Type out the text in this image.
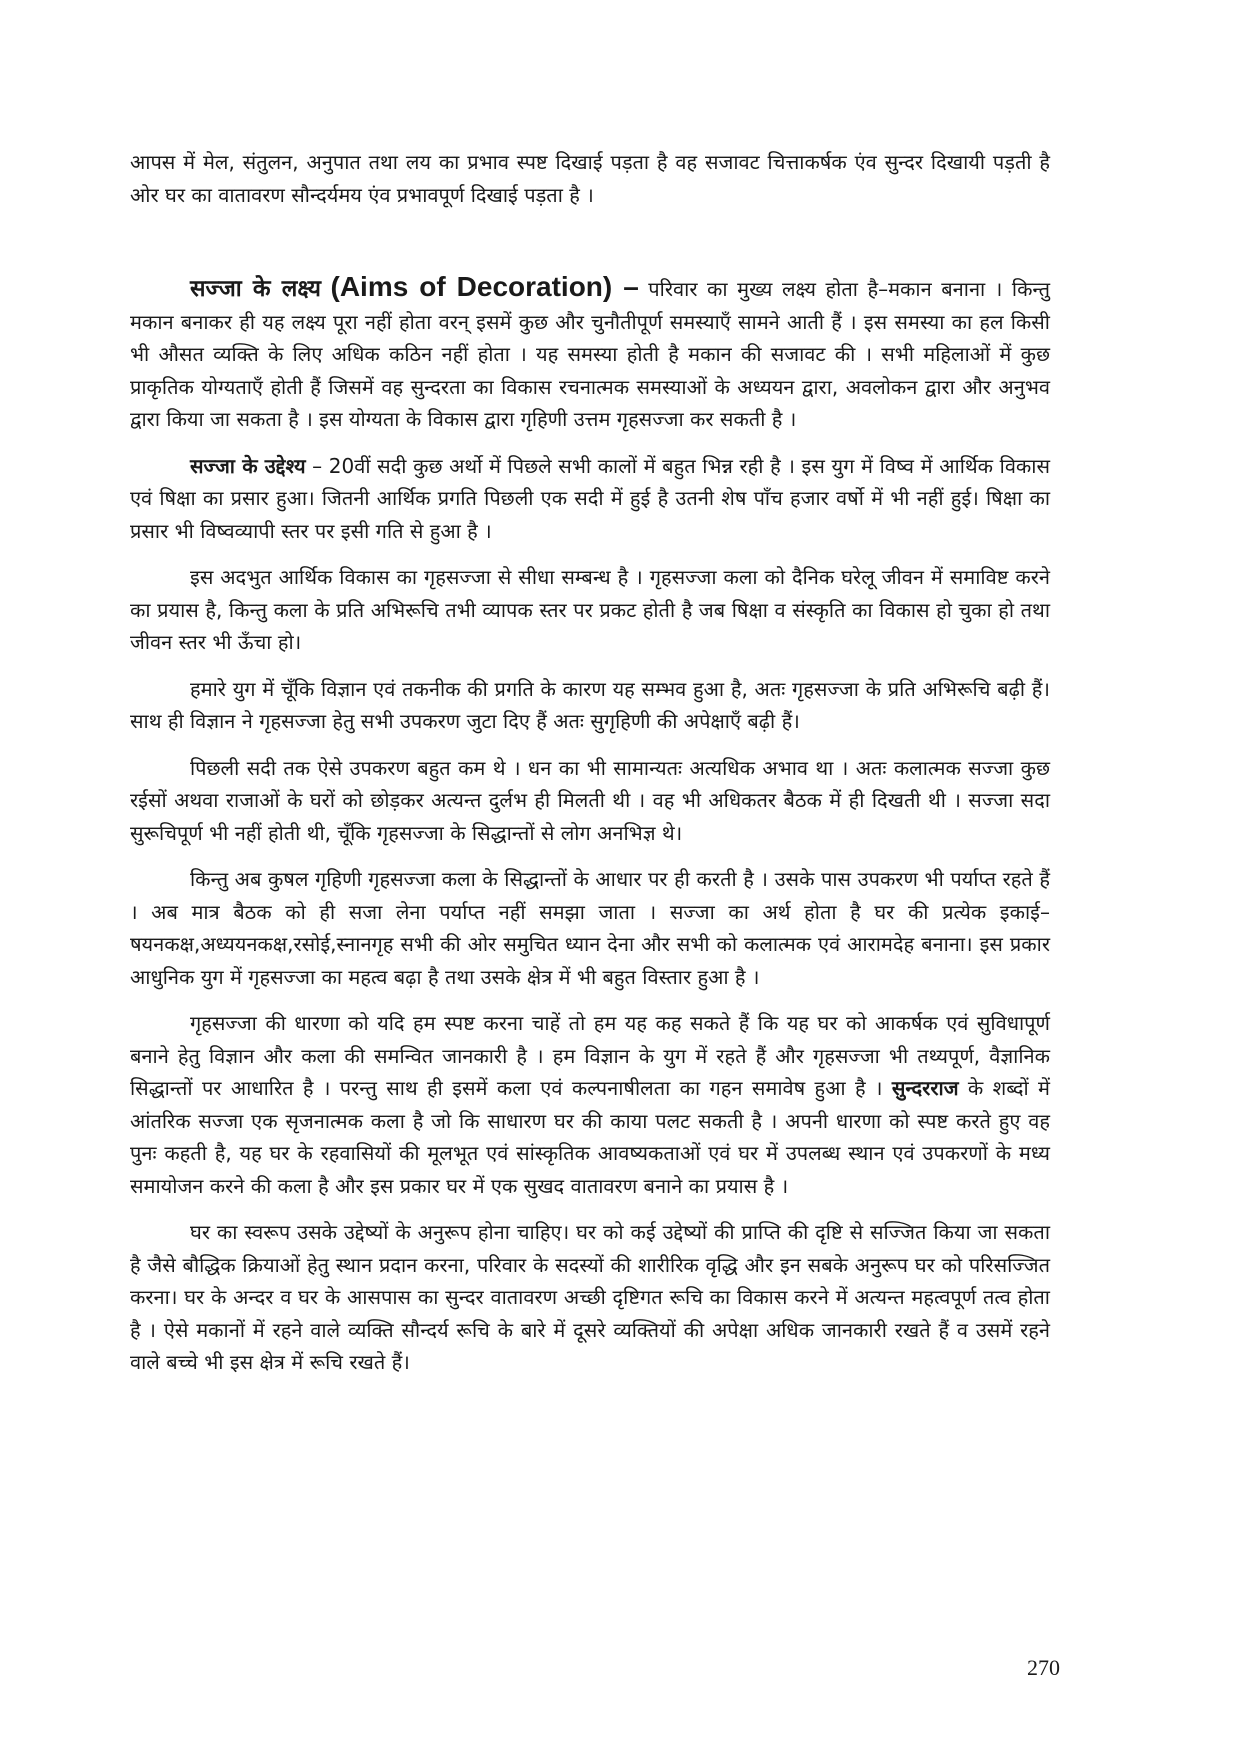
आपस में मेल, संतुलन, अनुपात तथा लय का प्रभाव स्पष्ट दिखाई पड़ता है वह सजावट चित्ताकर्षक एंव सुन्दर दिखायी पड़ती है ओर घर का वातावरण सौन्दर्यमय एंव प्रभावपूर्ण दिखाई पड़ता है ।

सज्जा के लक्ष्य (Aims of Decoration) – परिवार का मुख्य लक्ष्य होता है–मकान बनाना । किन्तु मकान बनाकर ही यह लक्ष्य पूरा नहीं होता वरन् इसमें कुछ और चुनौतीपूर्ण समस्याएँ सामने आती हैं । इस समस्या का हल किसी भी औसत व्यक्ति के लिए अधिक कठिन नहीं होता । यह समस्या होती है मकान की सजावट की । सभी महिलाओं में कुछ प्राकृतिक योग्यताएँ होती हैं जिसमें वह सुन्दरता का विकास रचनात्मक समस्याओं के अध्ययन द्वारा, अवलोकन द्वारा और अनुभव द्वारा किया जा सकता है । इस योग्यता के विकास द्वारा गृहिणी उत्तम गृहसज्जा कर सकती है ।

सज्जा के उद्देश्य – 20वीं सदी कुछ अर्थो में पिछले सभी कालों में बहुत भिन्न रही है । इस युग में विष्व में आर्थिक विकास एवं षिक्षा का प्रसार हुआ। जितनी आर्थिक प्रगति पिछली एक सदी में हुई है उतनी शेष पाँच हजार वर्षो में भी नहीं हुई। षिक्षा का प्रसार भी विष्वव्यापी स्तर पर इसी गति से हुआ है ।

इस अदभुत आर्थिक विकास का गृहसज्जा से सीधा सम्बन्ध है । गृहसज्जा कला को दैनिक घरेलू जीवन में समाविष्ट करने का प्रयास है, किन्तु कला के प्रति अभिरूचि तभी व्यापक स्तर पर प्रकट होती है जब षिक्षा व संस्कृति का विकास हो चुका हो तथा जीवन स्तर भी ऊँचा हो।

हमारे युग में चूँकि विज्ञान एवं तकनीक की प्रगति के कारण यह सम्भव हुआ है, अतः गृहसज्जा के प्रति अभिरूचि बढ़ी हैं। साथ ही विज्ञान ने गृहसज्जा हेतु सभी उपकरण जुटा दिए हैं अतः सुगृहिणी की अपेक्षाएँ बढ़ी हैं।

पिछली सदी तक ऐसे उपकरण बहुत कम थे । धन का भी सामान्यतः अत्यधिक अभाव था । अतः कलात्मक सज्जा कुछ रईसों अथवा राजाओं के घरों को छोड़कर अत्यन्त दुर्लभ ही मिलती थी । वह भी अधिकतर बैठक में ही दिखती थी । सज्जा सदा सुरूचिपूर्ण भी नहीं होती थी, चूँकि गृहसज्जा के सिद्धान्तों से लोग अनभिज्ञ थे।

किन्तु अब कुषल गृहिणी गृहसज्जा कला के सिद्धान्तों के आधार पर ही करती है । उसके पास उपकरण भी पर्याप्त रहते हैं । अब मात्र बैठक को ही सजा लेना पर्याप्त नहीं समझा जाता । सज्जा का अर्थ होता है घर की प्रत्येक इकाई–षयनकक्ष,अध्ययनकक्ष,रसोई,स्नानगृह सभी की ओर समुचित ध्यान देना और सभी को कलात्मक एवं आरामदेह बनाना। इस प्रकार आधुनिक युग में गृहसज्जा का महत्व बढ़ा है तथा उसके क्षेत्र में भी बहुत विस्तार हुआ है ।

गृहसज्जा की धारणा को यदि हम स्पष्ट करना चाहें तो हम यह कह सकते हैं कि यह घर को आकर्षक एवं सुविधापूर्ण बनाने हेतु विज्ञान और कला की समन्वित जानकारी है । हम विज्ञान के युग में रहते हैं और गृहसज्जा भी तथ्यपूर्ण, वैज्ञानिक सिद्धान्तों पर आधारित है । परन्तु साथ ही इसमें कला एवं कल्पनाषीलता का गहन समावेष हुआ है । सुन्दरराज के शब्दों में आंतरिक सज्जा एक सृजनात्मक कला है जो कि साधारण घर की काया पलट सकती है । अपनी धारणा को स्पष्ट करते हुए वह पुनः कहती है, यह घर के रहवासियों की मूलभूत एवं सांस्कृतिक आवष्यकताओं एवं घर में उपलब्ध स्थान एवं उपकरणों के मध्य समायोजन करने की कला है और इस प्रकार घर में एक सुखद वातावरण बनाने का प्रयास है ।

घर का स्वरूप उसके उद्देष्यों के अनुरूप होना चाहिए। घर को कई उद्देष्यों की प्राप्ति की दृष्टि से सज्जित किया जा सकता है जैसे बौद्धिक क्रियाओं हेतु स्थान प्रदान करना, परिवार के सदस्यों की शारीरिक वृद्धि और इन सबके अनुरूप घर को परिसज्जित करना। घर के अन्दर व घर के आसपास का सुन्दर वातावरण अच्छी दृष्टिगत रूचि का विकास करने में अत्यन्त महत्वपूर्ण तत्व होता है । ऐसे मकानों में रहने वाले व्यक्ति सौन्दर्य रूचि के बारे में दूसरे व्यक्तियों की अपेक्षा अधिक जानकारी रखते हैं व उसमें रहने वाले बच्चे भी इस क्षेत्र में रूचि रखते हैं।

270
